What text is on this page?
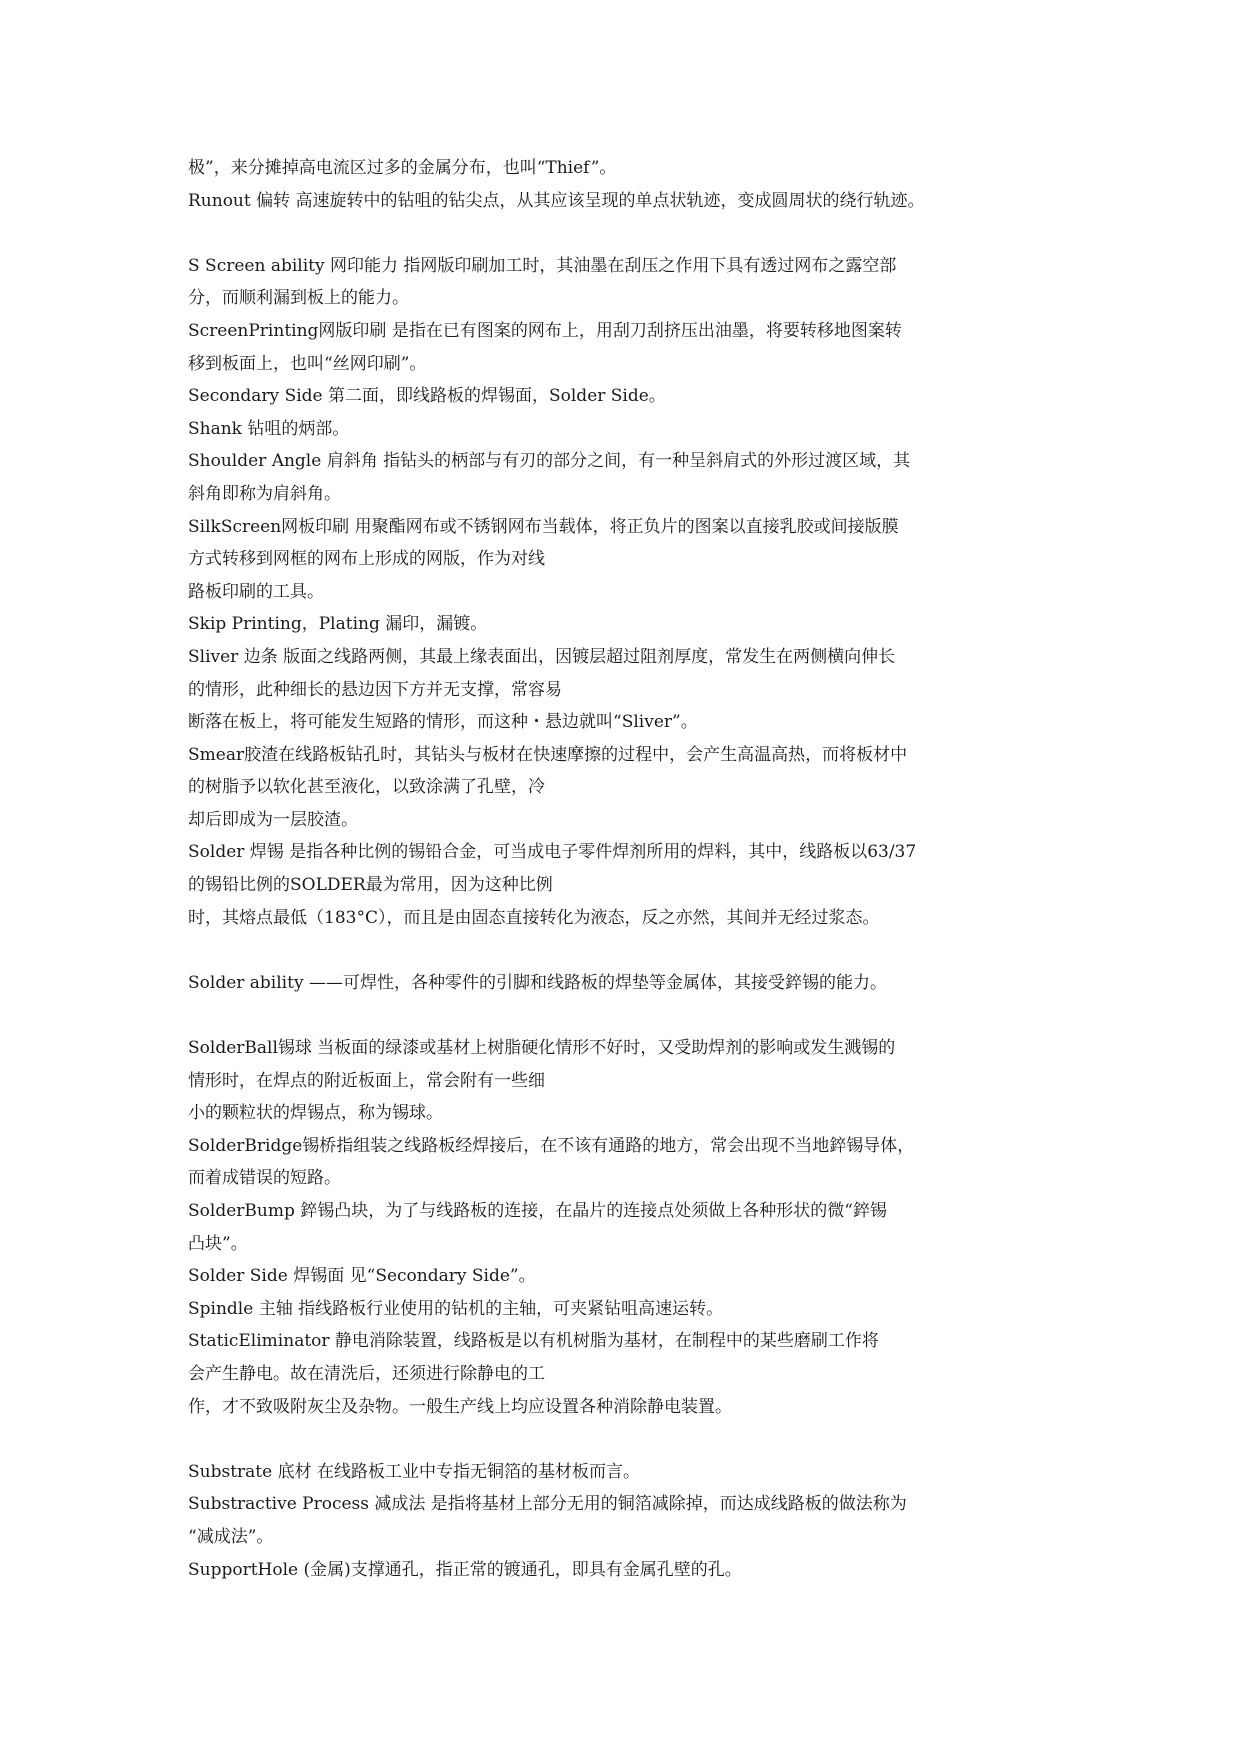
极”，来分摊掉高电流区过多的金属分布，也叫“Thief”。
Runout 偏转 高速旋转中的钻咀的钻尖点，从其应该呈现的单点状轨迹，变成圆周状的绕行轨迹。
S Screen ability 网印能力 指网版印刷加工时，其油墨在刮压之作用下具有透过网布之露空部
分，而顺利漏到板上的能力。
ScreenPrinting网版印刷 是指在已有图案的网布上，用刮刀刮挤压出油墨，将要转移地图案转
移到板面上，也叫“丝网印刷”。
Secondary Side 第二面，即线路板的焊锡面，Solder Side。
Shank 钻咀的炳部。
Shoulder Angle 肩斜角 指钻头的柄部与有刃的部分之间，有一种呈斜肩式的外形过渡区域，其
斜角即称为肩斜角。
SilkScreen网板印刷 用聚酯网布或不锈钢网布当载体，将正负片的图案以直接乳胶或间接版膜
方式转移到网框的网布上形成的网版，作为对线
路板印刷的工具。
Skip Printing，Plating 漏印，漏镀。
Sliver 边条 版面之线路两侧，其最上缘表面出，因镀层超过阻剂厚度，常发生在两侧横向伸长
的情形，此种细长的悬边因下方并无支撑，常容易
断落在板上，将可能发生短路的情形，而这种・悬边就叫“Sliver”。
Smear胶渣在线路板钻孔时，其钻头与板材在快速摩擦的过程中，会产生高温高热，而将板材中
的树脂予以软化甚至液化，以致涂满了孔壁，冷
却后即成为一层胶渣。
Solder 焊锡 是指各种比例的锡铅合金，可当成电子零件焊剂所用的焊料，其中，线路板以63/37
的锡铅比例的SOLDER最为常用，因为这种比例
时，其熔点最低（183°C），而且是由固态直接转化为液态，反之亦然，其间并无经过浆态。
Solder ability ——可焊性，各种零件的引脚和线路板的焊垫等金属体，其接受錊锡的能力。
SolderBall锡球 当板面的绿漆或基材上树脂硬化情形不好时，又受助焊剂的影响或发生溅锡的
情形时，在焊点的附近板面上，常会附有一些细
小的颗粒状的焊锡点，称为锡球。
SolderBridge锡桥指组装之线路板经焊接后，在不该有通路的地方，常会出现不当地錊锡导体，
而着成错误的短路。
SolderBump 錊锡凸块，为了与线路板的连接，在晶片的连接点处须做上各种形状的微“錊锡
凸块”。
Solder Side 焊锡面 见“Secondary Side”。
Spindle 主轴 指线路板行业使用的钻机的主轴，可夹紧钻咀高速运转。
StaticEliminator 静电消除装置，线路板是以有机树脂为基材，在制程中的某些磨刷工作将
会产生静电。故在清洗后，还须进行除静电的工
作，才不致吸附灰尘及杂物。一般生产线上均应设置各种消除静电装置。
Substrate 底材 在线路板工业中专指无铜箔的基材板而言。
Substractive Process 减成法 是指将基材上部分无用的铜箔减除掉，而达成线路板的做法称为
“减成法”。
SupportHole (金属)支撑通孔，指正常的镀通孔，即具有金属孔壁的孔。
